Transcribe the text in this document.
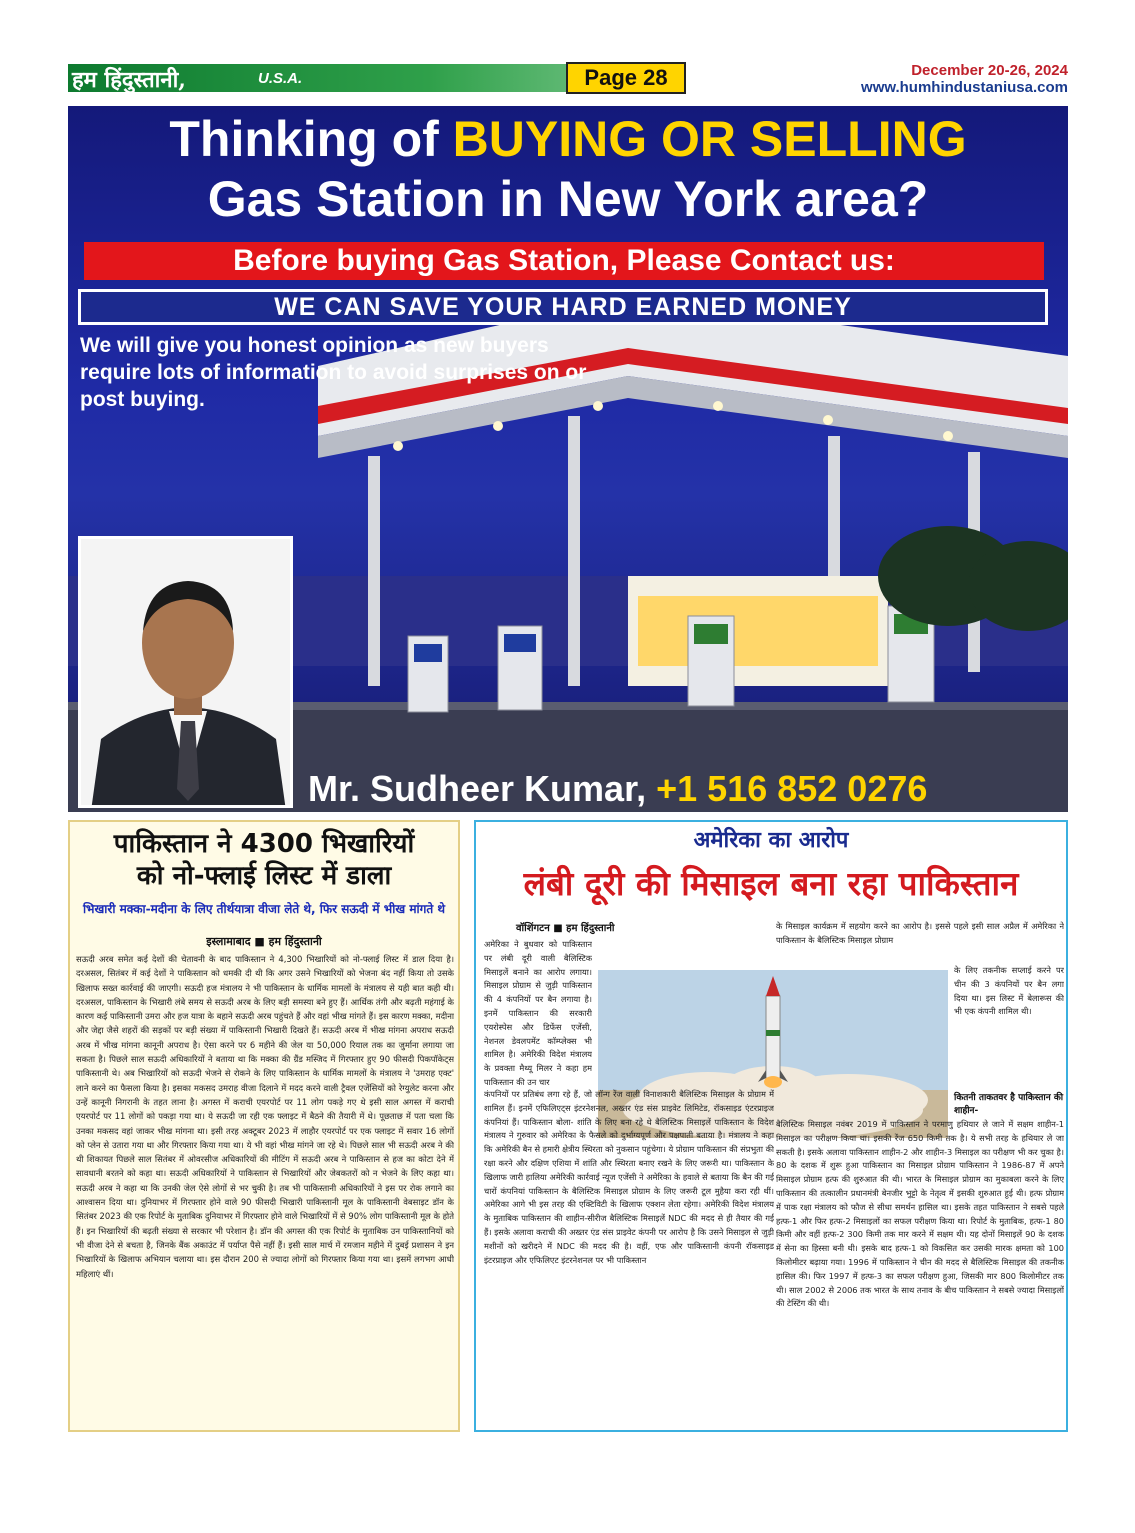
हम हिंदुस्तानी,	U.S.A.	Page 28	December 20-26, 2024
www.humhindustaniusa.com
Thinking of BUYING OR SELLING
Gas Station in New York area?
Before buying Gas Station, Please Contact us:
WE CAN SAVE YOUR HARD EARNED MONEY
We will give you honest opinion as new buyers require lots of information to avoid surprises on or post buying.
Mr. Sudheer Kumar, +1 516 852 0276
पाकिस्तान ने 4300 भिखारियों
को नो-फ्लाई लिस्ट में डाला
भिखारी मक्का-मदीना के लिए तीर्थयात्रा वीजा लेते थे, फिर सऊदी में भीख मांगते थे
इस्लामाबाद ■ हम हिंदुस्तानी
सऊदी अरब समेत कई देशों की चेतावनी के बाद पाकिस्तान ने 4,300 भिखारियों को नो-फ्लाई लिस्ट में डाल दिया है। दरअसल, सितंबर में कई देशों ने पाकिस्तान को धमकी दी थी कि अगर उसने भिखारियों को भेजना बंद नहीं किया तो उसके खिलाफ सख्त कार्रवाई की जाएगी। सऊदी हज मंत्रालय ने भी पाकिस्तान के धार्मिक मामलों के मंत्रालय से यही बात कही थी। दरअसल, पाकिस्तान के भिखारी लंबे समय से सऊदी अरब के लिए बड़ी समस्या बने हुए हैं। आर्थिक तंगी और बढ़ती महंगाई के कारण कई पाकिस्तानी उमरा और हज यात्रा के बहाने सऊदी अरब पहुंचते हैं और वहां भीख मांगते हैं। इस कारण मक्का, मदीना और जेद्दा जैसे शहरों की सड़कों पर बड़ी संख्या में पाकिस्तानी भिखारी दिखते हैं। सऊदी अरब में भीख मांगना अपराध सऊदी अरब में भीख मांगना कानूनी अपराध है। ऐसा करने पर 6 महीने की जेल या 50,000 रियाल तक का जुर्माना लगाया जा सकता है। पिछले साल सऊदी अधिकारियों ने बताया था कि मक्का की ग्रैंड मस्जिद में गिरफ्तार हुए 90 फीसदी पिकपॉकेट्स पाकिस्तानी थे। अब भिखारियों को सऊदी भेजने से रोकने के लिए पाकिस्तान के धार्मिक मामलों के मंत्रालय ने 'उमराह एक्ट' लाने करने का फैसला किया है। इसका मकसद उमराह वीजा दिलाने में मदद करने वाली ट्रैवल एजेंसियों को रेग्युलेट करना और उन्हें कानूनी निगरानी के तहत लाना है। अगस्त में कराची एयरपोर्ट पर 11 लोग पकड़े गए थे इसी साल अगस्त में कराची एयरपोर्ट पर 11 लोगों को पकड़ा गया था। ये सऊदी जा रही एक फ्लाइट में बैठने की तैयारी में थे। पूछताछ में पता चला कि उनका मकसद वहां जाकर भीख मांगना था। इसी तरह अक्टूबर 2023 में लाहौर एयरपोर्ट पर एक फ्लाइट में सवार 16 लोगों को प्लेन से उतारा गया था और गिरफ्तार किया गया था। ये भी वहां भीख मांगने जा रहे थे। पिछले साल भी सऊदी अरब ने की थी शिकायत पिछले साल सितंबर में ओवरसीज अधिकारियों की मीटिंग में सऊदी अरब ने पाकिस्तान से हज का कोटा देने में सावधानी बरतने को कहा था। सऊदी अधिकारियों ने पाकिस्तान से भिखारियों और जेबकतरों को न भेजने के लिए कहा था। सऊदी अरब ने कहा था कि उनकी जेल ऐसे लोगों से भर चुकी है। तब भी पाकिस्तानी अधिकारियों ने इस पर रोक लगाने का आश्वासन दिया था। दुनियाभर में गिरफ्तार होने वाले 90 फीसदी भिखारी पाकिस्तानी मूल के पाकिस्तानी वेबसाइट डॉन के सितंबर 2023 की एक रिपोर्ट के मुताबिक दुनियाभर में गिरफ्तार होने वाले भिखारियों में से 90% लोग पाकिस्तानी मूल के होते हैं। इन भिखारियों की बढ़ती संख्या से सरकार भी परेशान है। डॉन की अगस्त की एक रिपोर्ट के मुताबिक उन पाकिस्तानियों को भी वीजा देने से बचता है, जिनके बैंक अकाउंट में पर्याप्त पैसे नहीं हैं। इसी साल मार्च में रमजान महीने में दुबई प्रशासन ने इन भिखारियों के खिलाफ अभियान चलाया था। इस दौरान 200 से ज्यादा लोगों को गिरफ्तार किया गया था। इसमें लगभग आधी महिलाएं थीं।
अमेरिका का आरोप
लंबी दूरी की मिसाइल बना रहा पाकिस्तान
वॉशिंगटन ■ हम हिंदुस्तानी
अमेरिका ने बुधवार को पाकिस्तान पर लंबी दूरी वाली बैलिस्टिक मिसाइलें बनाने का आरोप लगाया। मिसाइल प्रोग्राम से जुड़ी पाकिस्तान की 4 कंपनियों पर बैन लगाया है। इनमें पाकिस्तान की सरकारी एयरोस्पेस और डिफेंस एजेंसी, नेशनल डेवलपमेंट कॉम्प्लेक्स भी शामिल है। अमेरिकी विदेश मंत्रालय के प्रवक्ता मैथ्यू मिलर ने कहा हम पाकिस्तान की उन चार
के मिसाइल कार्यक्रम में सहयोग करने का आरोप है। इससे पहले इसी साल अप्रैल में अमेरिका ने पाकिस्तान के बैलिस्टिक मिसाइल प्रोग्राम
के लिए तकनीक सप्लाई करने पर चीन की 3 कंपनियों पर बैन लगा दिया था। इस लिस्ट में बेलारूस की भी एक कंपनी शामिल थी।
कितनी ताकतवर है पाकिस्तान की शाहीन-
कंपनियों पर प्रतिबंध लगा रहे हैं, जो लॉन्ग रेंज वाली विनाशकारी बैलिस्टिक मिसाइल के प्रोग्राम में शामिल हैं। इनमें एफिलिएट्स इंटरनेशनल, अख्तर एंड संस प्राइवेट लिमिटेड, रॉकसाइड एंटरप्राइज कंपनियां हैं। पाकिस्तान बोला- शांति के लिए बना रहे थे बैलिस्टिक मिसाइलें पाकिस्तान के विदेश मंत्रालय ने गुरुवार को अमेरिका के फैसले को दुर्भाग्यपूर्ण और पक्षपाती बताया है। मंत्रालय ने कहा कि अमेरिकी बैन से हमारी क्षेत्रीय स्थिरता को नुकसान पहुंचेगा। ये प्रोग्राम पाकिस्तान की संप्रभुता की रक्षा करने और दक्षिण एशिया में शांति और स्थिरता बनाए रखने के लिए जरूरी था। पाकिस्तान के खिलाफ जारी हालिया अमेरिकी कार्रवाई न्यूज एजेंसी ने अमेरिका के हवाले से बताया कि बैन की गई चारों कंपनियां पाकिस्तान के बैलिस्टिक मिसाइल प्रोग्राम के लिए जरूरी टूल मुहैया करा रही थीं। अमेरिका आगे भी इस तरह की एक्टिविटी के खिलाफ एक्शन लेता रहेगा। अमेरिकी विदेश मंत्रालय के मुताबिक पाकिस्तान की शाहीन-सीरीज बैलिस्टिक मिसाइलें NDC की मदद से ही तैयार की गई हैं। इसके अलावा कराची की अख्तर एंड संस प्राइवेट कंपनी पर आरोप है कि उसने मिसाइल से जुड़ी मशीनों को खरीदने में NDC की मदद की है। वहीं, एफ और पाकिस्तानी कंपनी रॉकसाइड इंटरप्राइज और एफिलिएट इंटरनेशनल पर भी पाकिस्तान
बैलिस्टिक मिसाइल नवंबर 2019 में पाकिस्तान ने परमाणु हथियार ले जाने में सक्षम शाहीन-1 मिसाइल का परीक्षण किया था। इसकी रेंज 650 किमी तक है। ये सभी तरह के हथियार ले जा सकती है। इसके अलावा पाकिस्तान शाहीन-2 और शाहीन-3 मिसाइल का परीक्षण भी कर चुका है। 80 के दशक में शुरू हुआ पाकिस्तान का मिसाइल प्रोग्राम पाकिस्तान ने 1986-87 में अपने मिसाइल प्रोग्राम हत्फ की शुरुआत की थी। भारत के मिसाइल प्रोग्राम का मुकाबला करने के लिए पाकिस्तान की तत्कालीन प्रधानमंत्री बेनजीर भुट्टो के नेतृत्व में इसकी शुरुआत हुई थी। हत्फ प्रोग्राम में पाक रक्षा मंत्रालय को फौज से सीधा समर्थन हासिल था। इसके तहत पाकिस्तान ने सबसे पहले हत्फ-1 और फिर हत्फ-2 मिसाइलों का सफल परीक्षण किया था। रिपोर्ट के मुताबिक, हत्फ-1 80 किमी और वहीं हत्फ-2 300 किमी तक मार करने में सक्षम थी। यह दोनों मिसाइलें 90 के दशक में सेना का हिस्सा बनी थी। इसके बाद हत्फ-1 को विकसित कर उसकी मारक क्षमता को 100 किलोमीटर बढ़ाया गया। 1996 में पाकिस्तान ने चीन की मदद से बैलिस्टिक मिसाइल की तकनीक हासिल की। फिर 1997 में हत्फ-3 का सफल परीक्षण हुआ, जिसकी मार 800 किलोमीटर तक थी। साल 2002 से 2006 तक भारत के साथ तनाव के बीच पाकिस्तान ने सबसे ज्यादा मिसाइलों की टेस्टिंग की थी।
